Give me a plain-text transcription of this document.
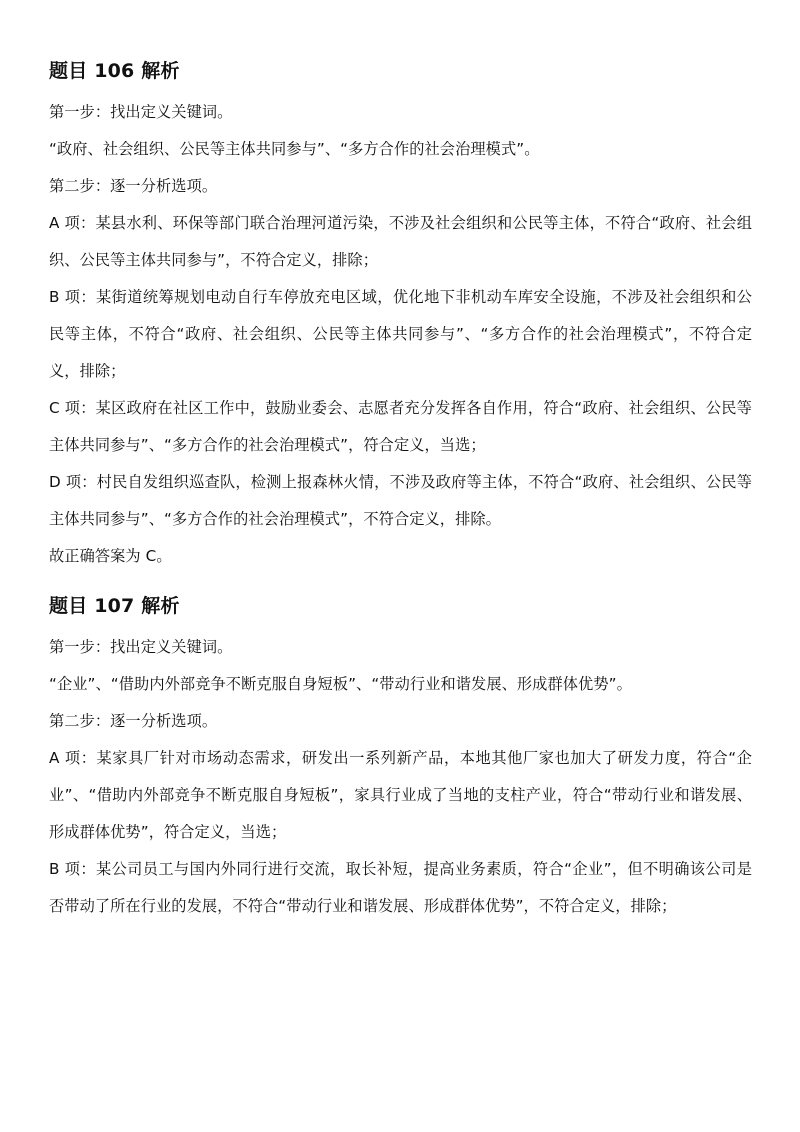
题目 106 解析

第一步：找出定义关键词。

“政府、社会组织、公民等主体共同参与”、“多方合作的社会治理模式”。

第二步：逐一分析选项。

A 项：某县水利、环保等部门联合治理河道污染，不涉及社会组织和公民等主体，不符合“政府、社会组织、公民等主体共同参与”，不符合定义，排除；

B 项：某街道统筹规划电动自行车停放充电区域，优化地下非机动车库安全设施，不涉及社会组织和公民等主体，不符合“政府、社会组织、公民等主体共同参与”、“多方合作的社会治理模式”，不符合定义，排除；

C 项：某区政府在社区工作中，鼓励业委会、志愿者充分发挥各自作用，符合“政府、社会组织、公民等主体共同参与”、“多方合作的社会治理模式”，符合定义，当选；

D 项：村民自发组织巡查队，检测上报森林火情，不涉及政府等主体，不符合“政府、社会组织、公民等主体共同参与”、“多方合作的社会治理模式”，不符合定义，排除。

故正确答案为 C。

题目 107 解析

第一步：找出定义关键词。

“企业”、“借助内外部竞争不断克服自身短板”、“带动行业和谐发展、形成群体优势”。

第二步：逐一分析选项。

A 项：某家具厂针对市场动态需求，研发出一系列新产品，本地其他厂家也加大了研发力度，符合“企业”、“借助内外部竞争不断克服自身短板”，家具行业成了当地的支柱产业，符合“带动行业和谐发展、形成群体优势”，符合定义，当选；

B 项：某公司员工与国内外同行进行交流，取长补短，提高业务素质，符合“企业”，但不明确该公司是否带动了所在行业的发展，不符合“带动行业和谐发展、形成群体优势”，不符合定义，排除；
